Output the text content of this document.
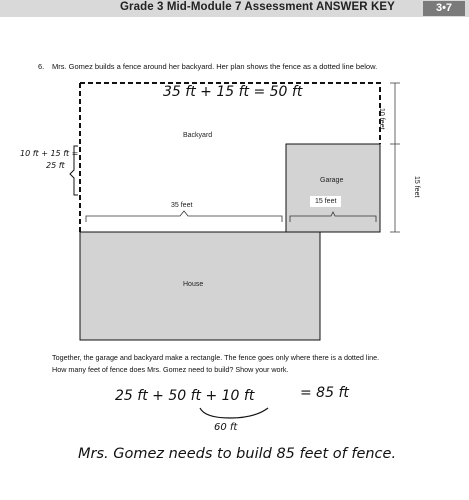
Grade 3 Mid-Module 7 Assessment ANSWER KEY	3•7
6. Mrs. Gomez builds a fence around her backyard. Her plan shows the fence as a dotted line below.
35 ft + 15 ft = 50 ft
10 ft + 15 ft =
25 ft
Backyard
Garage
House
35 feet
15 feet
10 feet
15 feet
Together, the garage and backyard make a rectangle. The fence goes only where there is a dotted line.
How many feet of fence does Mrs. Gomez need to build? Show your work.
25 ft + 50 ft + 10 ft	= 85 ft
60 ft
Mrs. Gomez needs to build 85 feet of fence.
